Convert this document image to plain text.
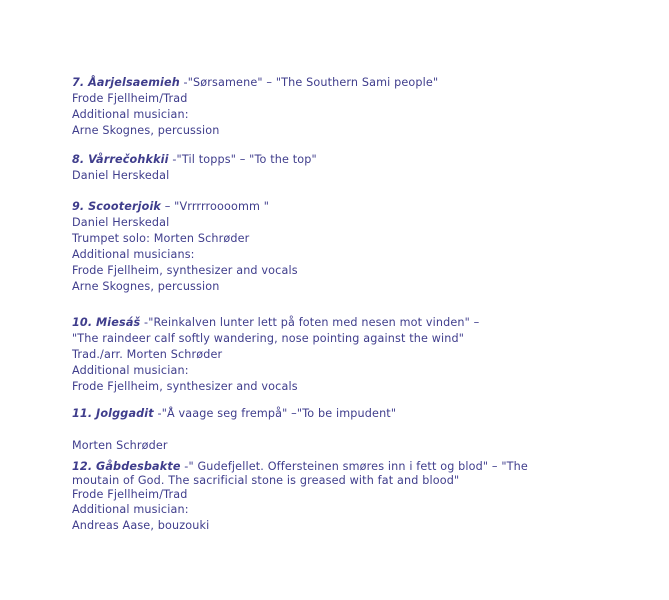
7. Åarjelsaemieh -"Sørsamene" – "The Southern Sami people"
Frode Fjellheim/Trad
Additional musician:
Arne Skognes, percussion
8. Vårrečohkkii -"Til topps" – "To the top"
Daniel Herskedal
9. Scooterjoik – "Vrrrrroooomm "
Daniel Herskedal
Trumpet solo: Morten Schrøder
Additional musicians:
Frode Fjellheim, synthesizer and vocals
Arne Skognes, percussion
10. Miesáš -"Reinkalven lunter lett på foten med nesen mot vinden" –
"The raindeer calf softly wandering, nose pointing against the wind"
Trad./arr. Morten Schrøder
Additional musician:
Frode Fjellheim, synthesizer and vocals
11. Jolggadit -"Å vaage seg frempå" –"To be impudent"

Morten Schrøder
12. Gåbdesbakte -" Gudefjellet. Offersteinen smøres inn i fett og blod" – "The moutain of God. The sacrificial stone is greased with fat and blood"
Frode Fjellheim/Trad
Additional musician:
Andreas Aase, bouzouki
